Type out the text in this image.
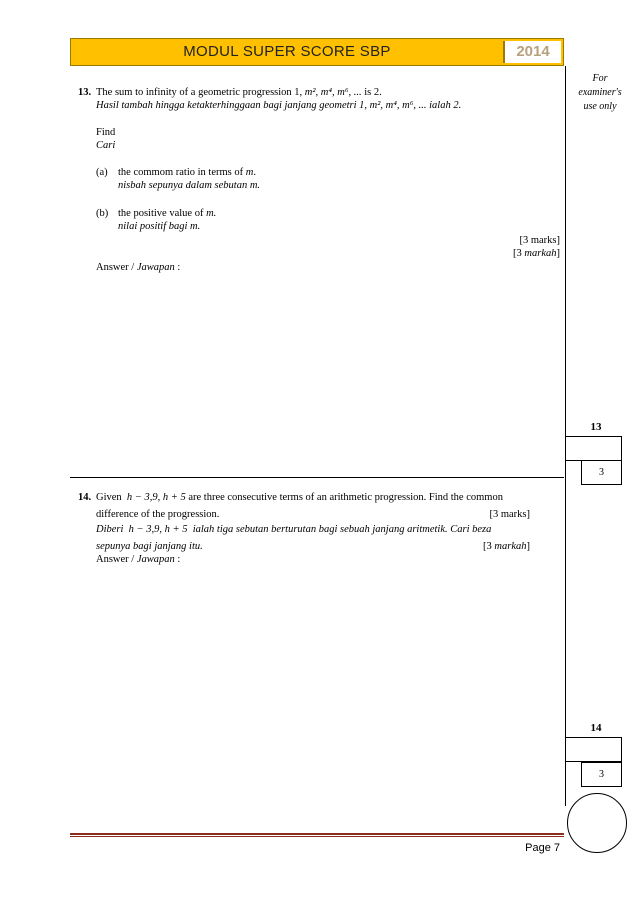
MODUL SUPER SCORE SBP	2014
For
examiner's
use only
13. The sum to infinity of a geometric progression 1, m², m⁴, m⁶, ... is 2.
Hasil tambah hingga ketakterhinggaan bagi janjang geometri 1, m², m⁴, m⁶, ... ialah 2.
Find
Cari
(a) the commom ratio in terms of m.
nisbah sepunya dalam sebutan m.
(b) the positive value of m.
nilai positif bagi m.
[3 marks]
[3 markah]
Answer / Jawapan :
13
3
14. Given h − 3,9, h + 5 are three consecutive terms of an arithmetic progression. Find the common
difference of the progression.	[3 marks]
Diberi h − 3,9, h + 5 ialah tiga sebutan berturutan bagi sebuah janjang aritmetik. Cari beza
sepunya bagi janjang itu.	[3 markah]
Answer / Jawapan :
14
3
Page 7
